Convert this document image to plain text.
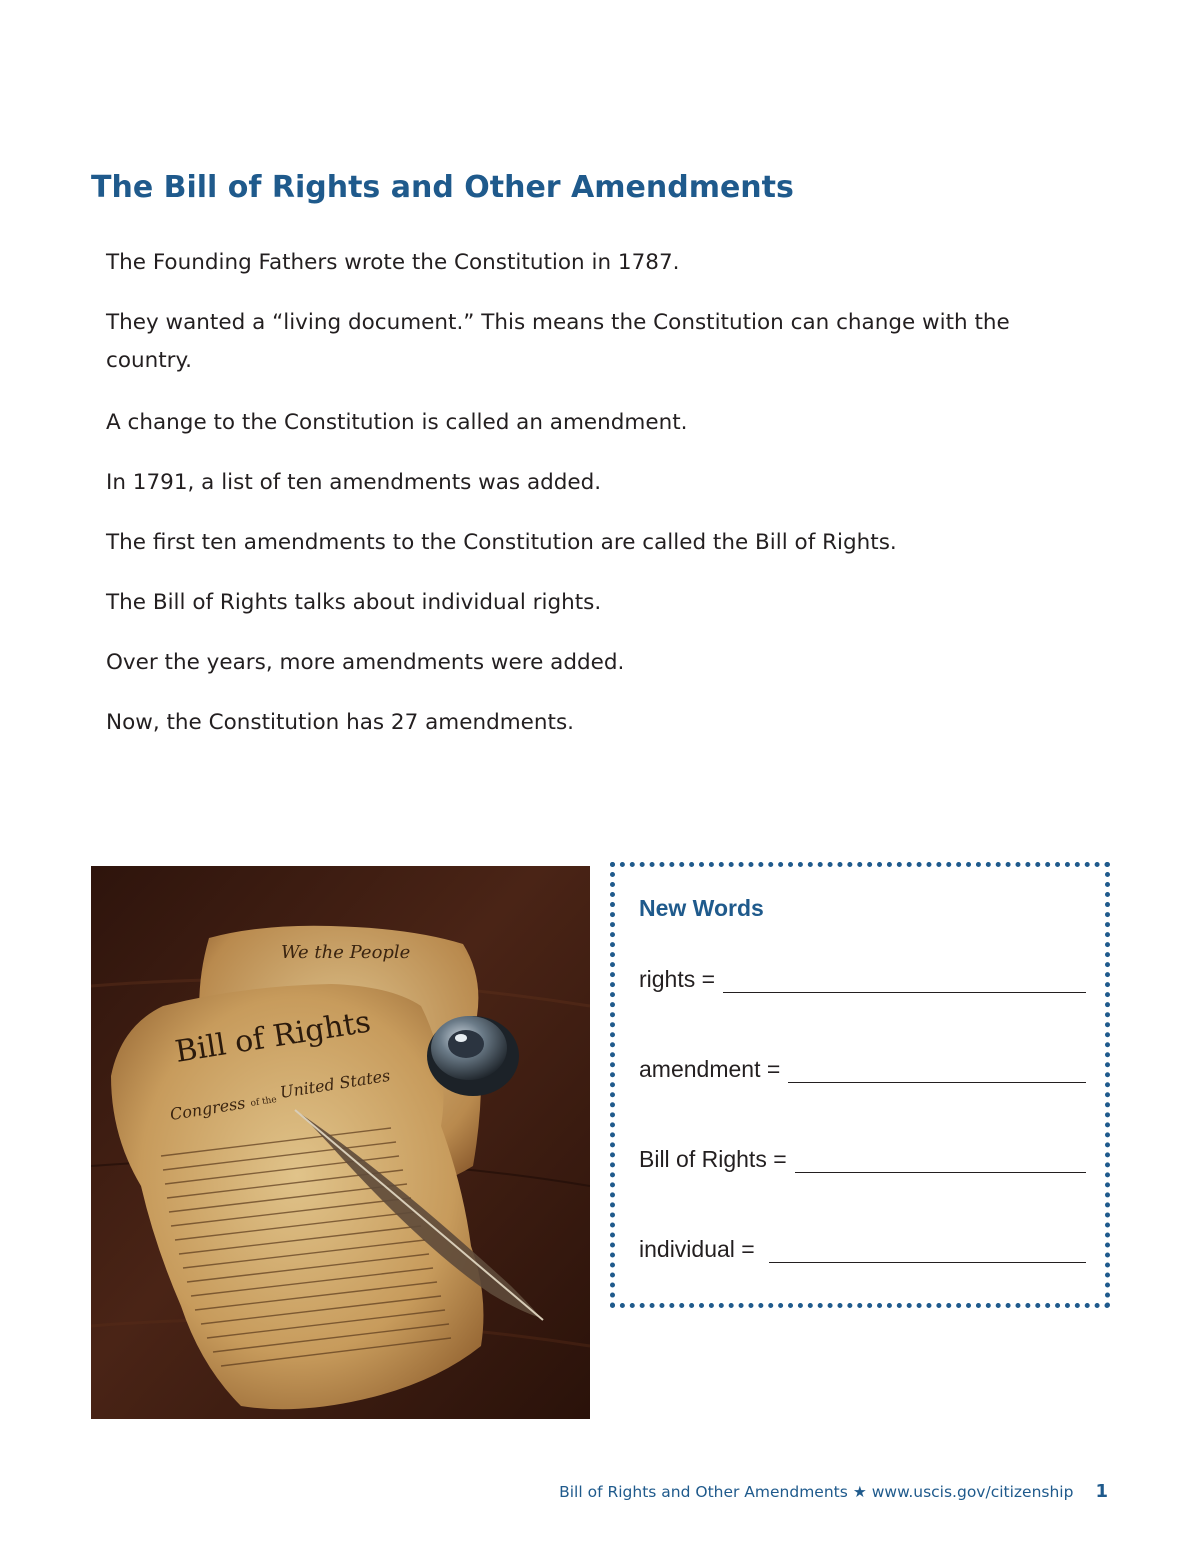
The Bill of Rights and Other Amendments

The Founding Fathers wrote the Constitution in 1787.

They wanted a “living document.” This means the Constitution can change with the country.

A change to the Constitution is called an amendment.

In 1791, a list of ten amendments was added.

The first ten amendments to the Constitution are called the Bill of Rights.

The Bill of Rights talks about individual rights.

Over the years, more amendments were added.

Now, the Constitution has 27 amendments.

We the People
Bill of Rights
Congress of the
United States
New Words
rights =
amendment =
Bill of Rights =
individual =
Bill of Rights and Other Amendments ★ www.uscis.gov/citizenship 1
